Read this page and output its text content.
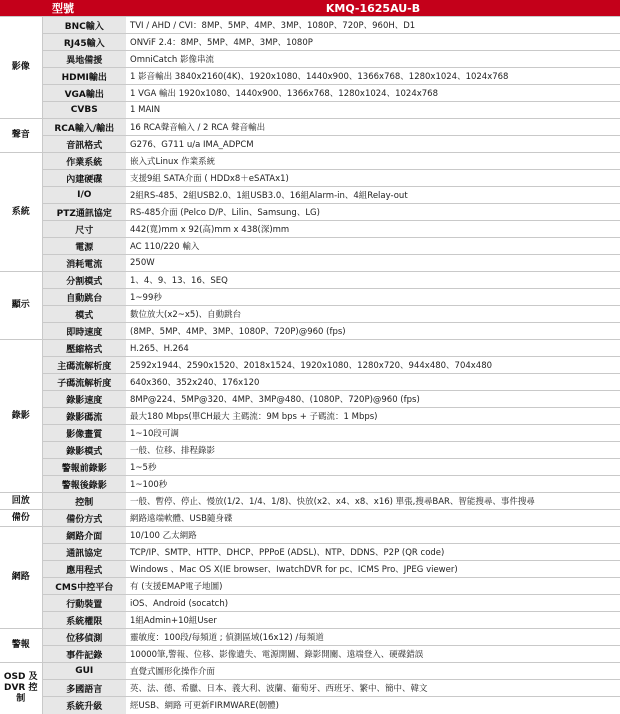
型號		KMQ-1625AU-B
影像	BNC輸入	TVI / AHD / CVI：8MP、5MP、4MP、3MP、1080P、720P、960H、D1
	RJ45輸入	ONViF 2.4：8MP、5MP、4MP、3MP、1080P
	異地備援	OmniCatch 影像串流
	HDMI輸出	1 影音輸出 3840x2160(4K)、1920x1080、1440x900、1366x768、1280x1024、1024x768
	VGA輸出	1 VGA 輸出 1920x1080、1440x900、1366x768、1280x1024、1024x768
	CVBS	1 MAIN
聲音	RCA輸入/輸出	16 RCA聲音輸入 / 2 RCA 聲音輸出
	音訊格式	G276、G711 u/a IMA_ADPCM
系統	作業系統	嵌入式Linux 作業系統
	內建硬碟	支援9組 SATA介面 ( HDDx8＋eSATAx1)
	I/O	2組RS-485、2組USB2.0、1組USB3.0、16組Alarm-in、4組Relay-out
	PTZ通訊協定	RS-485介面 (Pelco D/P、Lilin、Samsung、LG)
	尺寸	442(寬)mm x 92(高)mm x 438(深)mm
	電源	AC 110/220 輸入
	消耗電流	250W
顯示	分割模式	1、4、9、13、16、SEQ
	自動跳台	1~99秒
	模式	數位放大(x2~x5)、自動跳台
	即時速度	(8MP、5MP、4MP、3MP、1080P、720P)@960 (fps)
錄影	壓縮格式	H.265、H.264
	主碼流解析度	2592x1944、2590x1520、2018x1524、1920x1080、1280x720、944x480、704x480
	子碼流解析度	640x360、352x240、176x120
	錄影速度	8MP@224、5MP@320、4MP、3MP@480、(1080P、720P)@960 (fps)
	錄影碼流	最大180 Mbps(單CH最大 主碼流：9M bps + 子碼流：1 Mbps)
	影像畫質	1~10段可調
	錄影模式	一般、位移、排程錄影
	警報前錄影	1~5秒
	警報後錄影	1~100秒
回放	控制	一般、暫停、停止、慢放(1/2、1/4、1/8)、快放(x2、x4、x8、x16) 單張,搜尋BAR、智能搜尋、事件搜尋
備份	備份方式	網路遠端軟體、USB隨身碟
網路	網路介面	10/100 乙太網路
	通訊協定	TCP/IP、SMTP、HTTP、DHCP、PPPoE (ADSL)、NTP、DDNS、P2P (QR code)
	應用程式	Windows 、Mac OS X(IE browser、IwatchDVR for pc、ICMS Pro、JPEG viewer)
	CMS中控平台	有 (支援EMAP電子地圖)
	行動裝置	iOS、Android (socatch)
	系統權限	1組Admin+10組User
警報	位移偵測	靈敏度：100段/每頻道 ; 偵測區域(16x12) /每頻道
	事件記錄	10000筆,警報、位移、影像遺失、電源開關、錄影開關、遠端登入、硬碟錯誤
OSD 及
DVR 控制	GUI	直覺式圖形化操作介面
	多國語言	英、法、德、希臘、日本、義大利、波蘭、葡萄牙、西班牙、繁中、簡中、韓文
	系統升級	經USB、網路 可更新FIRMWARE(韌體)
